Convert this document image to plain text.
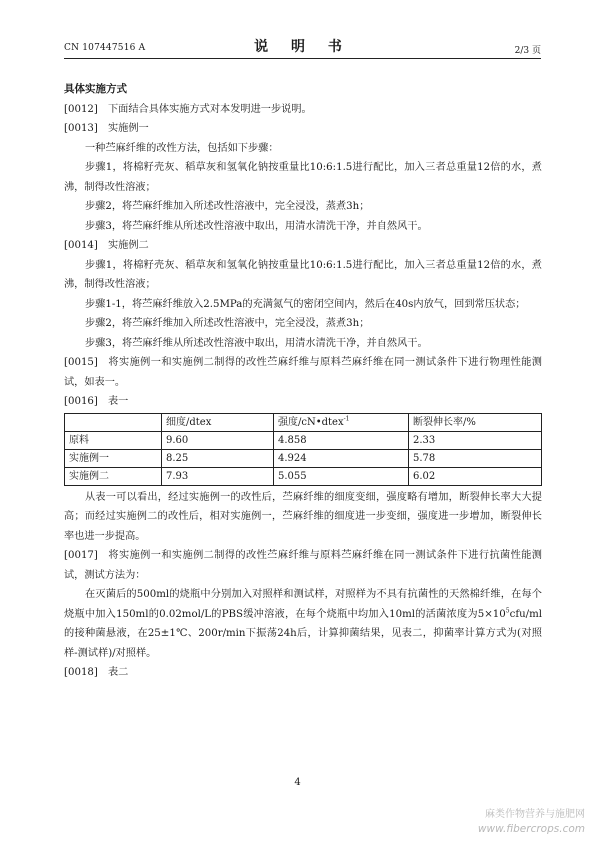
CN 107447516 A	说 明 书	2/3 页
具体实施方式
[0012] 下面结合具体实施方式对本发明进一步说明。
[0013] 实施例一
一种苎麻纤维的改性方法，包括如下步骤：
步骤1，将棉籽壳灰、稻草灰和氢氧化钠按重量比10:6:1.5进行配比，加入三者总重量12倍的水，煮沸，制得改性溶液；
步骤2，将苎麻纤维加入所述改性溶液中，完全浸没，蒸煮3h；
步骤3，将苎麻纤维从所述改性溶液中取出，用清水清洗干净，并自然风干。
[0014] 实施例二
步骤1，将棉籽壳灰、稻草灰和氢氧化钠按重量比10:6:1.5进行配比，加入三者总重量12倍的水，煮沸，制得改性溶液；
步骤1-1，将苎麻纤维放入2.5MPa的充满氮气的密闭空间内，然后在40s内放气，回到常压状态；
步骤2，将苎麻纤维加入所述改性溶液中，完全浸没，蒸煮3h；
步骤3，将苎麻纤维从所述改性溶液中取出，用清水清洗干净，并自然风干。
[0015] 将实施例一和实施例二制得的改性苎麻纤维与原料苎麻纤维在同一测试条件下进行物理性能测试，如表一。
[0016] 表一
	细度/dtex	强度/cN•dtex$^{-1}$	断裂伸长率/%
原料	9.60	4.858	2.33
实施例一	8.25	4.924	5.78
实施例二	7.93	5.055	6.02
从表一可以看出，经过实施例一的改性后，苎麻纤维的细度变细，强度略有增加，断裂伸长率大大提高；而经过实施例二的改性后，相对实施例一，苎麻纤维的细度进一步变细，强度进一步增加，断裂伸长率也进一步提高。
[0017] 将实施例一和实施例二制得的改性苎麻纤维与原料苎麻纤维在同一测试条件下进行抗菌性能测试，测试方法为：
在灭菌后的500ml的烧瓶中分别加入对照样和测试样，对照样为不具有抗菌性的天然棉纤维，在每个烧瓶中加入150ml的0.02mol/L的PBS缓冲溶液，在每个烧瓶中均加入10ml的活菌浓度为$5\times 10^5cfu/ml$的接种菌悬液，在25±1℃、200r/min下振荡24h后，计算抑菌结果，见表二，抑菌率计算方式为(对照样-测试样)/对照样。
[0018] 表二
4
麻类作物营养与施肥网
www.fibercrops.com
